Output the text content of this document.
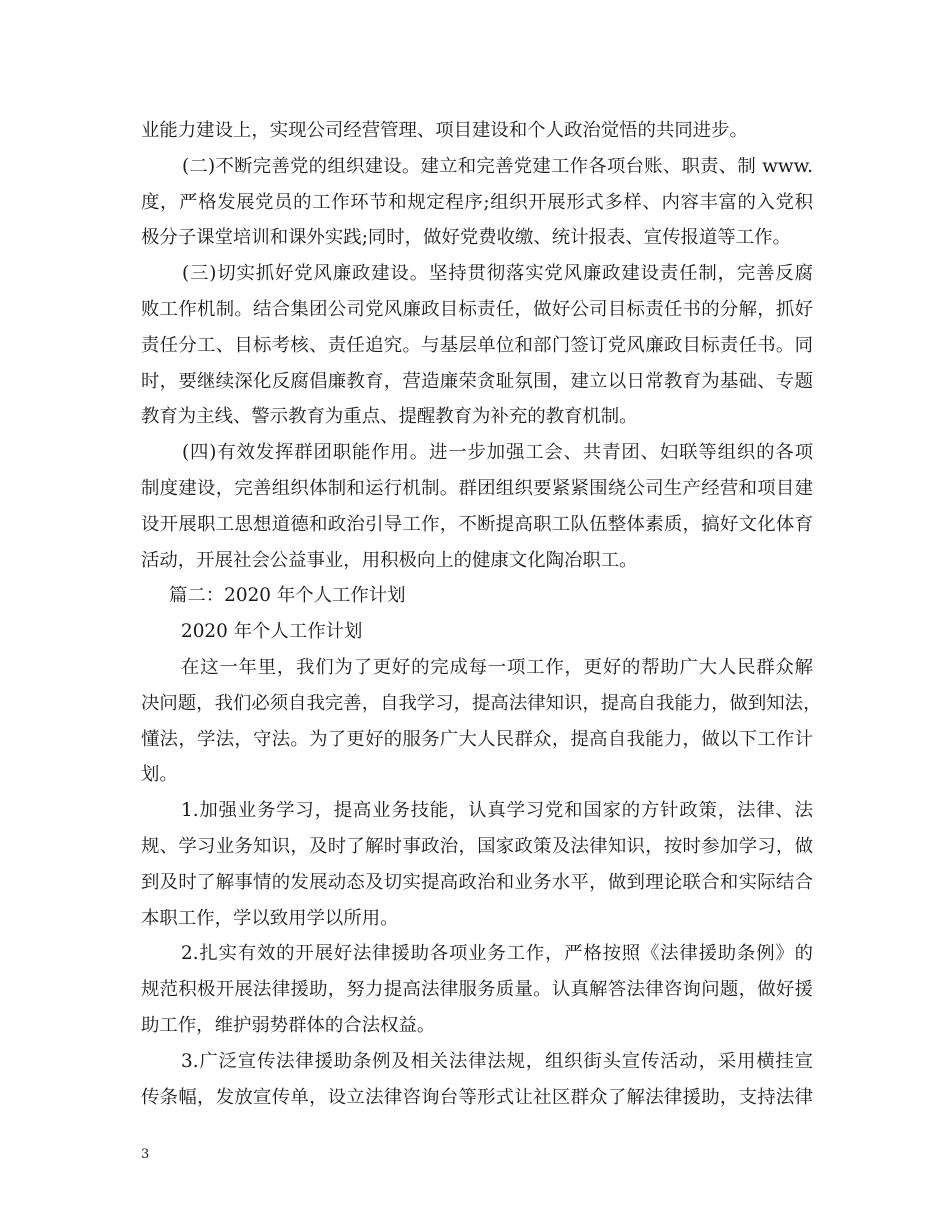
业能力建设上，实现公司经营管理、项目建设和个人政治觉悟的共同进步。
(二)不断完善党的组织建设。建立和完善党建工作各项台账、职责、制 www.
度，严格发展党员的工作环节和规定程序;组织开展形式多样、内容丰富的入党积
极分子课堂培训和课外实践;同时，做好党费收缴、统计报表、宣传报道等工作。
(三)切实抓好党风廉政建设。坚持贯彻落实党风廉政建设责任制，完善反腐
败工作机制。结合集团公司党风廉政目标责任，做好公司目标责任书的分解，抓好
责任分工、目标考核、责任追究。与基层单位和部门签订党风廉政目标责任书。同
时，要继续深化反腐倡廉教育，营造廉荣贪耻氛围，建立以日常教育为基础、专题
教育为主线、警示教育为重点、提醒教育为补充的教育机制。
(四)有效发挥群团职能作用。进一步加强工会、共青团、妇联等组织的各项
制度建设，完善组织体制和运行机制。群团组织要紧紧围绕公司生产经营和项目建
设开展职工思想道德和政治引导工作，不断提高职工队伍整体素质，搞好文化体育
活动，开展社会公益事业，用积极向上的健康文化陶冶职工。
篇二：2020 年个人工作计划
2020 年个人工作计划
在这一年里，我们为了更好的完成每一项工作，更好的帮助广大人民群众解
决问题，我们必须自我完善，自我学习，提高法律知识，提高自我能力，做到知法，
懂法，学法，守法。为了更好的服务广大人民群众，提高自我能力，做以下工作计
划。
1.加强业务学习，提高业务技能，认真学习党和国家的方针政策，法律、法
规、学习业务知识，及时了解时事政治，国家政策及法律知识，按时参加学习，做
到及时了解事情的发展动态及切实提高政治和业务水平，做到理论联合和实际结合
本职工作，学以致用学以所用。
2.扎实有效的开展好法律援助各项业务工作，严格按照《法律援助条例》的
规范积极开展法律援助，努力提高法律服务质量。认真解答法律咨询问题，做好援
助工作，维护弱势群体的合法权益。
3.广泛宣传法律援助条例及相关法律法规，组织街头宣传活动，采用横挂宣
传条幅，发放宣传单，设立法律咨询台等形式让社区群众了解法律援助，支持法律
3
